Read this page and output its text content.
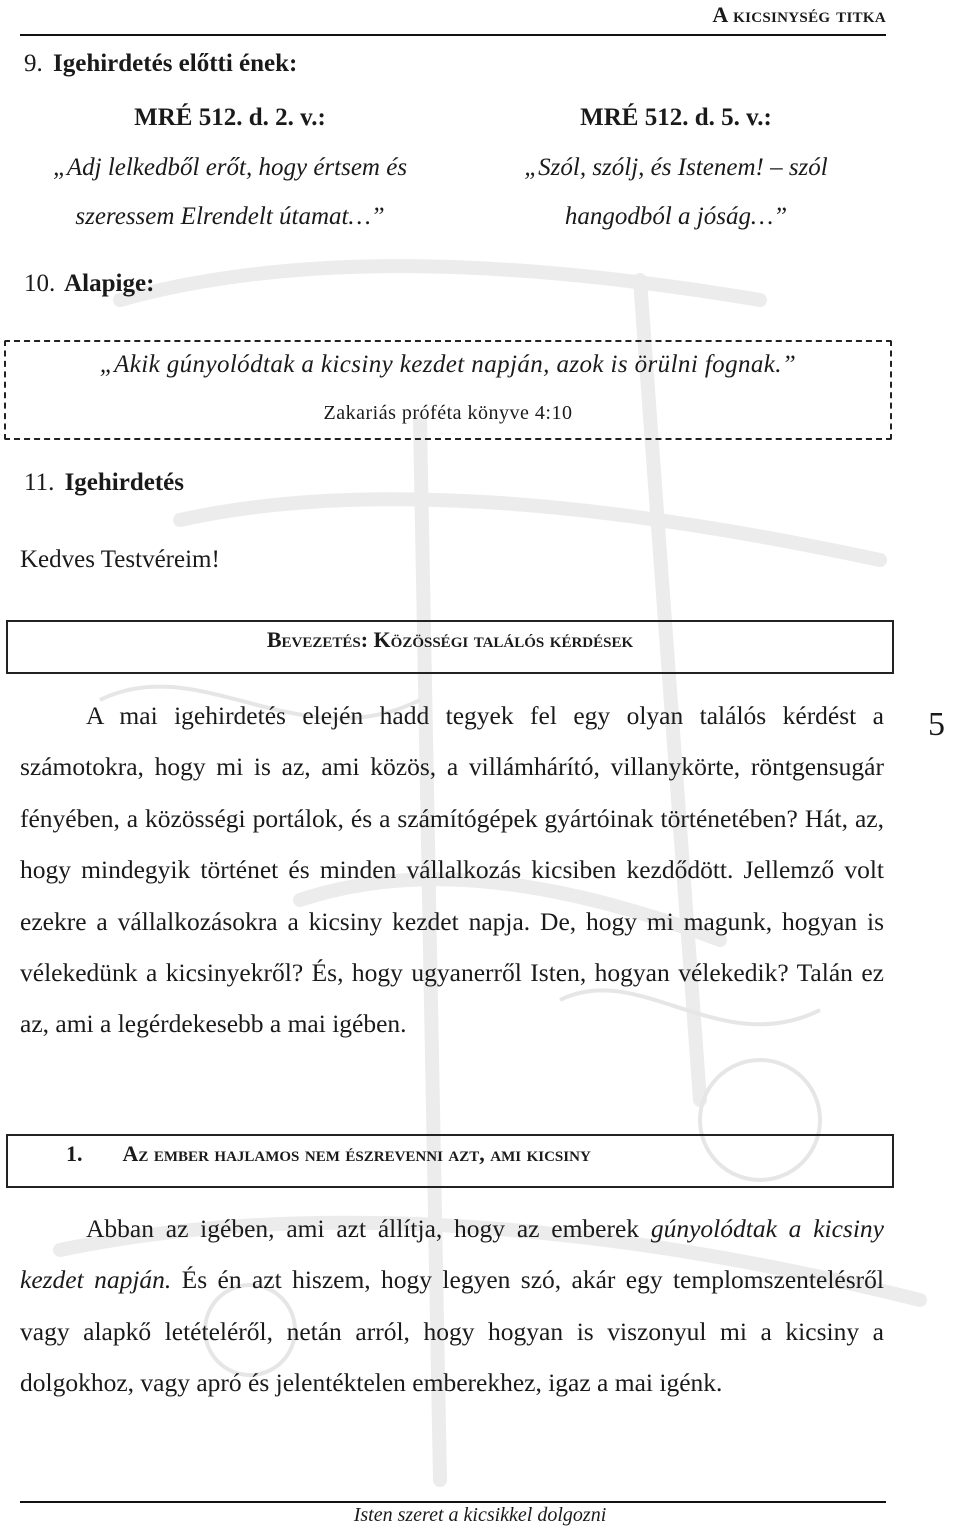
A kicsinység titka
9. Igehirdetés előtti ének:
MRÉ 512. d. 2. v.:
„Adj lelkedből erőt, hogy értsem és
szeressem Elrendelt útamat…”
MRÉ 512. d. 5. v.:
„Szól, szólj, és Istenem! – szól
hangodból a jóság…”
10. Alapige:
„Akik gúnyolódtak a kicsiny kezdet napján, azok is örülni fognak.”
Zakariás próféta könyve 4:10
11. Igehirdetés
Kedves Testvéreim!
Bevezetés: Közösségi találós kérdések
A mai igehirdetés elején hadd tegyek fel egy olyan találós kérdést a számotokra, hogy mi is az, ami közös, a villámhárító, villanykörte, röntgensugár fényében, a közösségi portálok, és a számítógépek gyártóinak történetében? Hát, az, hogy mindegyik történet és minden vállalkozás kicsiben kezdődött. Jellemző volt ezekre a vállalkozásokra a kicsiny kezdet napja. De, hogy mi magunk, hogyan is vélekedünk a kicsinyekről? És, hogy ugyanerről Isten, hogyan vélekedik? Talán ez az, ami a legérdekesebb a mai igében.
5
1. Az ember hajlamos nem észrevenni azt, ami kicsiny
Abban az igében, ami azt állítja, hogy az emberek gúnyolódtak a kicsiny kezdet napján. És én azt hiszem, hogy legyen szó, akár egy templomszentelésről vagy alapkő letételéről, netán arról, hogy hogyan is viszonyul mi a kicsiny a dolgokhoz, vagy apró és jelentéktelen emberekhez, igaz a mai igénk.
Isten szeret a kicsikkel dolgozni
